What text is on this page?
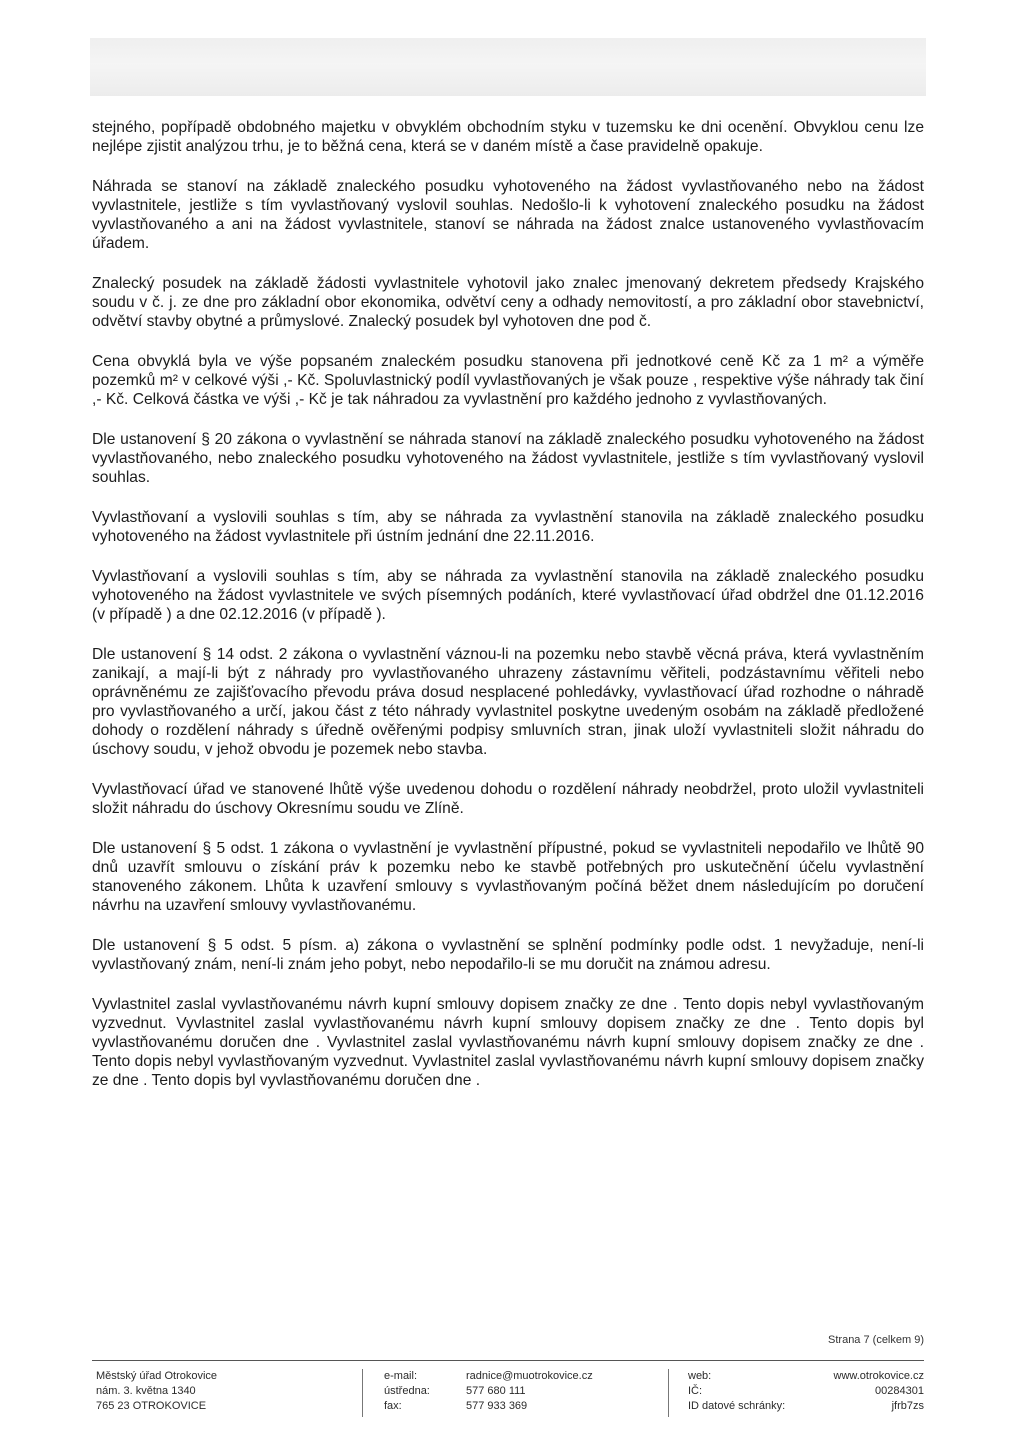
stejného, popřípadě obdobného majetku v obvyklém obchodním styku v tuzemsku ke dni ocenění. Obvyklou cenu lze nejlépe zjistit analýzou trhu, je to běžná cena, která se v daném místě a čase pravidelně opakuje.

Náhrada se stanoví na základě znaleckého posudku vyhotoveného na žádost vyvlastňovaného nebo na žádost vyvlastnitele, jestliže s tím vyvlastňovaný vyslovil souhlas. Nedošlo-li k vyhotovení znaleckého posudku na žádost vyvlastňovaného a ani na žádost vyvlastnitele, stanoví se náhrada na žádost znalce ustanoveného vyvlastňovacím úřadem.

Znalecký posudek na základě žádosti vyvlastnitele vyhotovil jako znalec jmenovaný dekretem předsedy Krajského soudu v č. j. ze dne pro základní obor ekonomika, odvětví ceny a odhady nemovitostí, a pro základní obor stavebnictví, odvětví stavby obytné a průmyslové. Znalecký posudek byl vyhotoven dne pod č.

Cena obvyklá byla ve výše popsaném znaleckém posudku stanovena při jednotkové ceně Kč za 1 m² a výměře pozemků m² v celkové výši ,- Kč. Spoluvlastnický podíl vyvlastňovaných je však pouze , respektive výše náhrady tak činí ,- Kč. Celková částka ve výši ,- Kč je tak náhradou za vyvlastnění pro každého jednoho z vyvlastňovaných.

Dle ustanovení § 20 zákona o vyvlastnění se náhrada stanoví na základě znaleckého posudku vyhotoveného na žádost vyvlastňovaného, nebo znaleckého posudku vyhotoveného na žádost vyvlastnitele, jestliže s tím vyvlastňovaný vyslovil souhlas.

Vyvlastňovaní a vyslovili souhlas s tím, aby se náhrada za vyvlastnění stanovila na základě znaleckého posudku vyhotoveného na žádost vyvlastnitele při ústním jednání dne 22.11.2016.

Vyvlastňovaní a vyslovili souhlas s tím, aby se náhrada za vyvlastnění stanovila na základě znaleckého posudku vyhotoveného na žádost vyvlastnitele ve svých písemných podáních, které vyvlastňovací úřad obdržel dne 01.12.2016 (v případě ) a dne 02.12.2016 (v případě ).

Dle ustanovení § 14 odst. 2 zákona o vyvlastnění váznou-li na pozemku nebo stavbě věcná práva, která vyvlastněním zanikají, a mají-li být z náhrady pro vyvlastňovaného uhrazeny zástavnímu věřiteli, podzástavnímu věřiteli nebo oprávněnému ze zajišťovacího převodu práva dosud nesplacené pohledávky, vyvlastňovací úřad rozhodne o náhradě pro vyvlastňovaného a určí, jakou část z této náhrady vyvlastnitel poskytne uvedeným osobám na základě předložené dohody o rozdělení náhrady s úředně ověřenými podpisy smluvních stran, jinak uloží vyvlastniteli složit náhradu do úschovy soudu, v jehož obvodu je pozemek nebo stavba.

Vyvlastňovací úřad ve stanovené lhůtě výše uvedenou dohodu o rozdělení náhrady neobdržel, proto uložil vyvlastniteli složit náhradu do úschovy Okresnímu soudu ve Zlíně.

Dle ustanovení § 5 odst. 1 zákona o vyvlastnění je vyvlastnění přípustné, pokud se vyvlastniteli nepodařilo ve lhůtě 90 dnů uzavřít smlouvu o získání práv k pozemku nebo ke stavbě potřebných pro uskutečnění účelu vyvlastnění stanoveného zákonem. Lhůta k uzavření smlouvy s vyvlastňovaným počíná běžet dnem následujícím po doručení návrhu na uzavření smlouvy vyvlastňovanému.

Dle ustanovení § 5 odst. 5 písm. a) zákona o vyvlastnění se splnění podmínky podle odst. 1 nevyžaduje, není-li vyvlastňovaný znám, není-li znám jeho pobyt, nebo nepodařilo-li se mu doručit na známou adresu.

Vyvlastnitel zaslal vyvlastňovanému návrh kupní smlouvy dopisem značky ze dne . Tento dopis nebyl vyvlastňovaným vyzvednut. Vyvlastnitel zaslal vyvlastňovanému návrh kupní smlouvy dopisem značky ze dne . Tento dopis byl vyvlastňovanému doručen dne . Vyvlastnitel zaslal vyvlastňovanému návrh kupní smlouvy dopisem značky ze dne . Tento dopis nebyl vyvlastňovaným vyzvednut. Vyvlastnitel zaslal vyvlastňovanému návrh kupní smlouvy dopisem značky ze dne . Tento dopis byl vyvlastňovanému doručen dne .

Strana 7 (celkem 9)
Městský úřad Otrokovice
nám. 3. května 1340
765 23 OTROKOVICE
e-mail:
ústředna:
fax:
radnice@muotrokovice.cz
577 680 111
577 933 369
web:
IČ:
ID datové schránky:
www.otrokovice.cz
00284301
jfrb7zs
